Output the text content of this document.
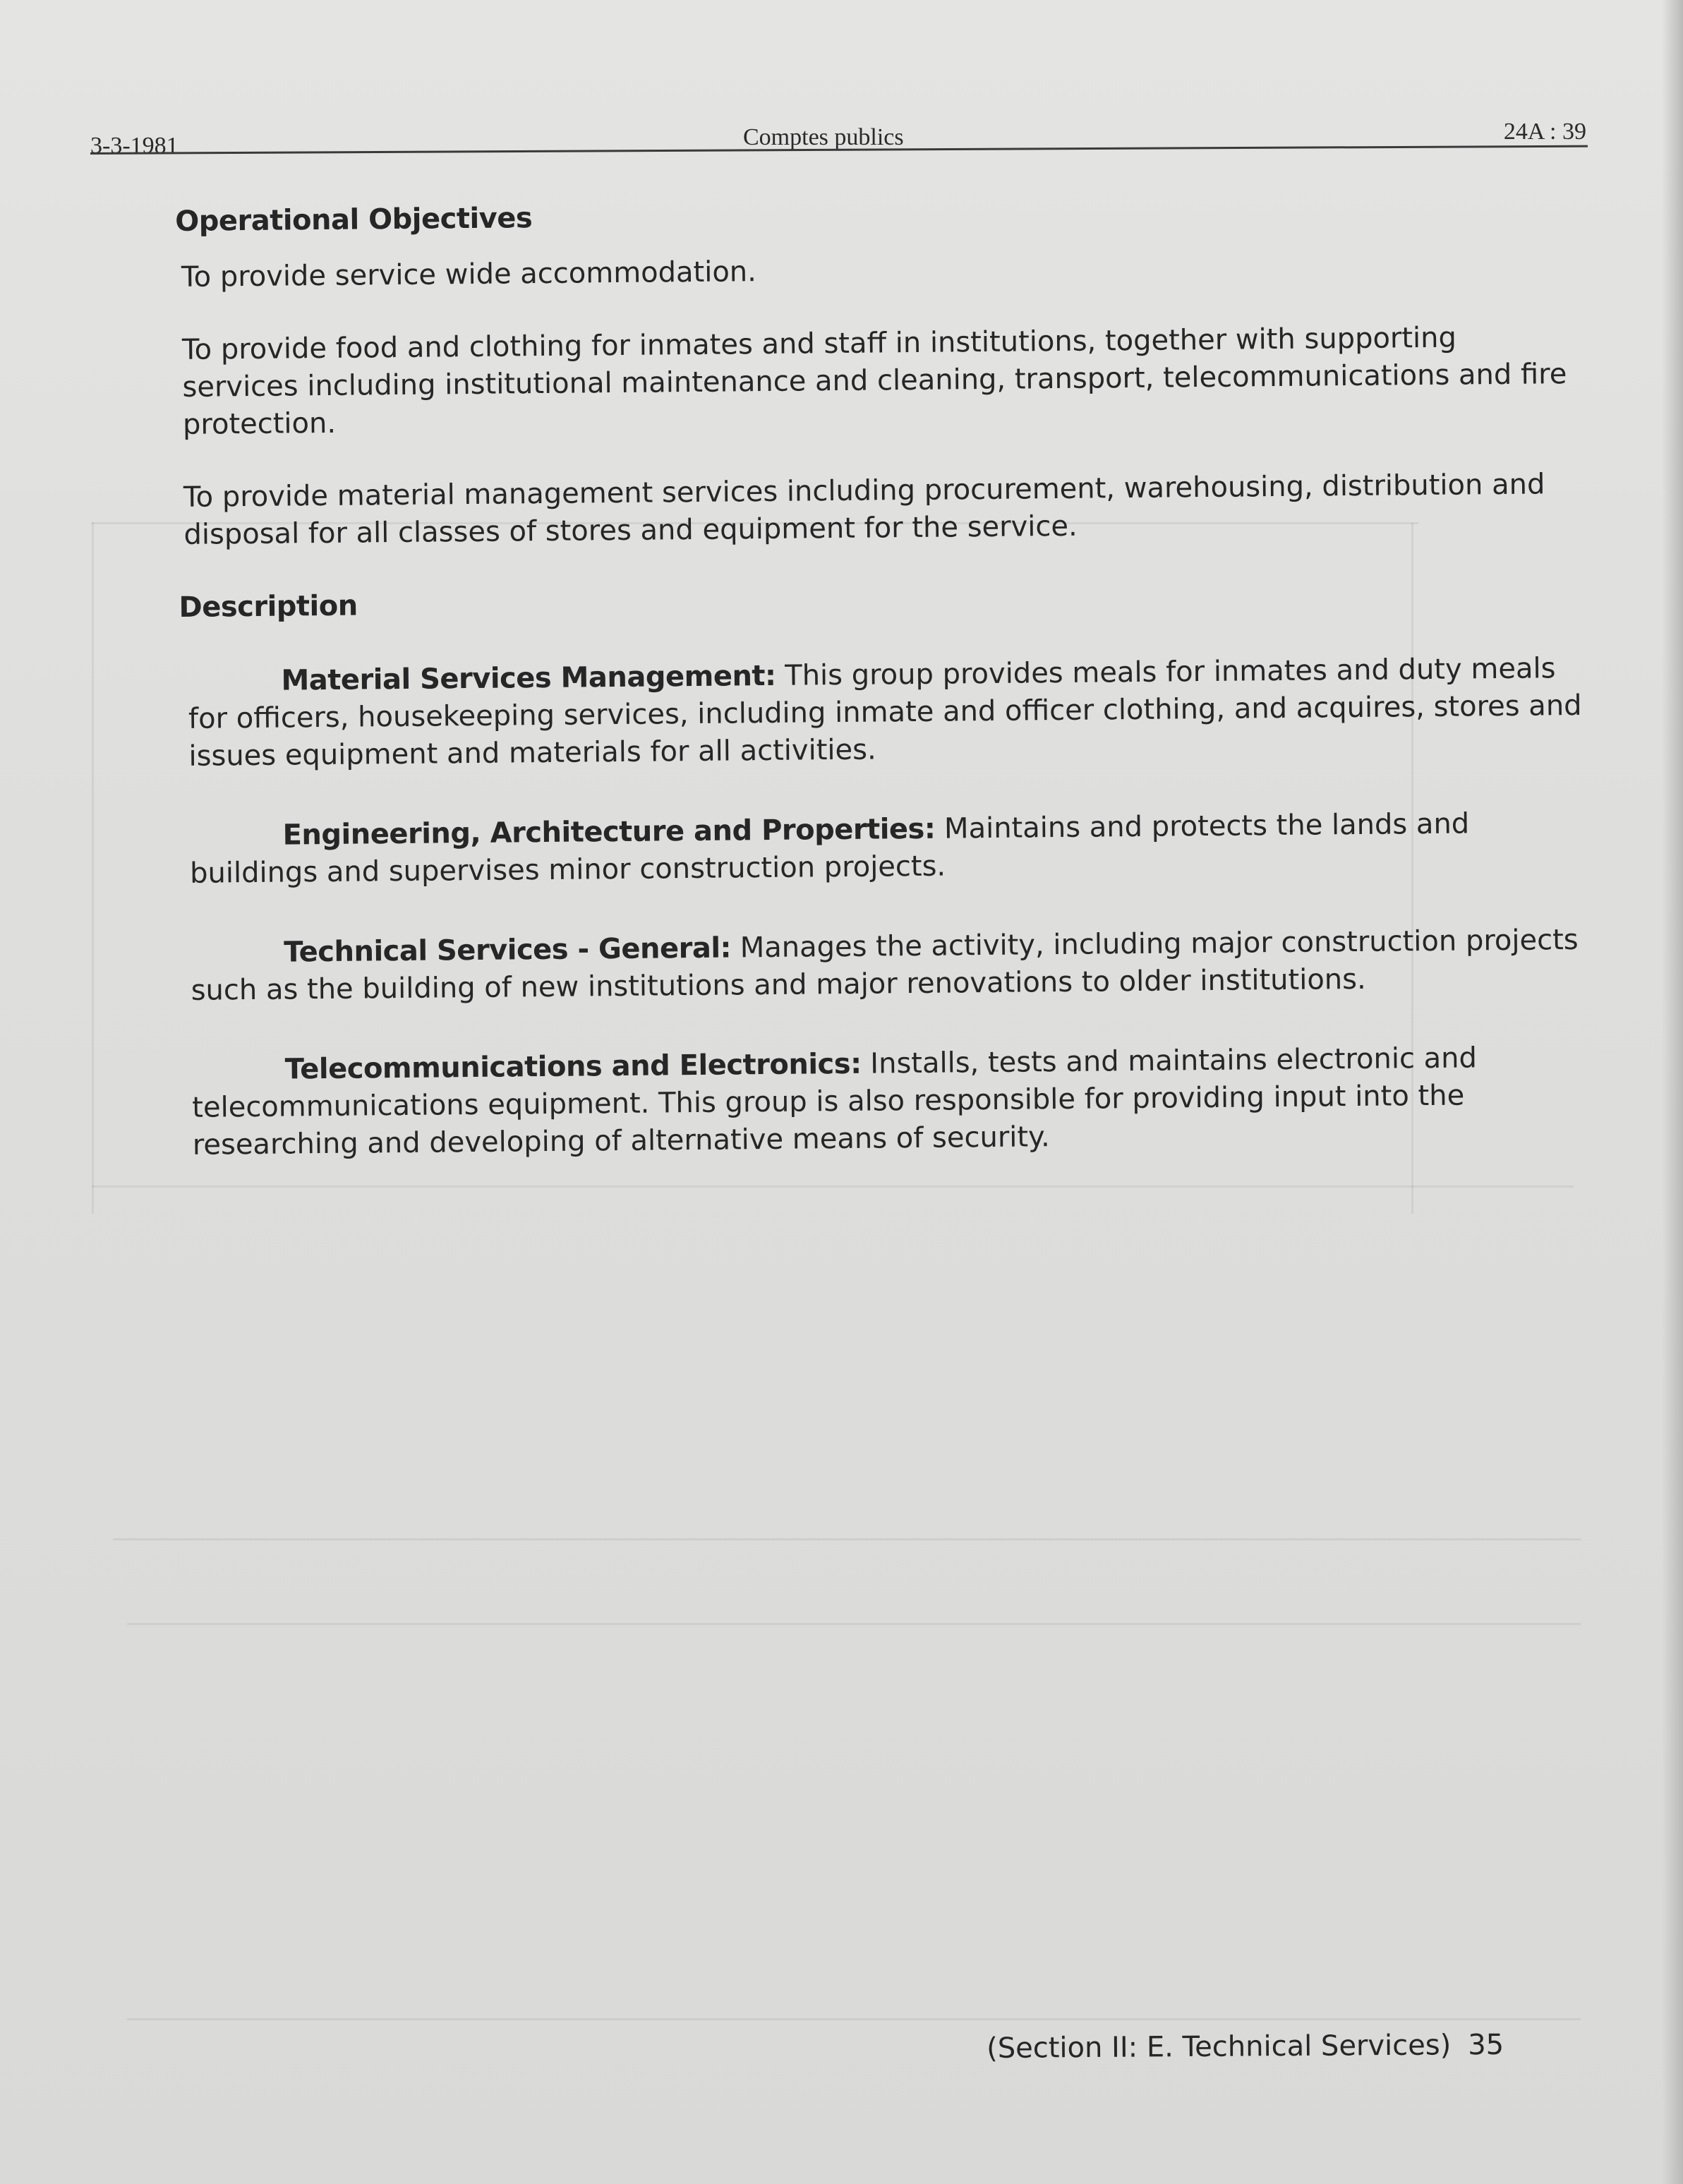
3-3-1981	Comptes publics	24A : 39
Operational Objectives

To provide service wide accommodation.

To provide food and clothing for inmates and staff in institutions, together with supporting services including institutional maintenance and cleaning, transport, telecommunications and fire protection.

To provide material management services including procurement, warehousing, distribution and disposal for all classes of stores and equipment for the service.

Description

Material Services Management: This group provides meals for inmates and duty meals for officers, housekeeping services, including inmate and officer clothing, and acquires, stores and issues equipment and materials for all activities.

Engineering, Architecture and Properties: Maintains and protects the lands and buildings and supervises minor construction projects.

Technical Services - General: Manages the activity, including major construction projects such as the building of new institutions and major renovations to older institutions.

Telecommunications and Electronics: Installs, tests and maintains electronic and telecommunications equipment. This group is also responsible for providing input into the researching and developing of alternative means of security.

(Section II: E. Technical Services) 35
